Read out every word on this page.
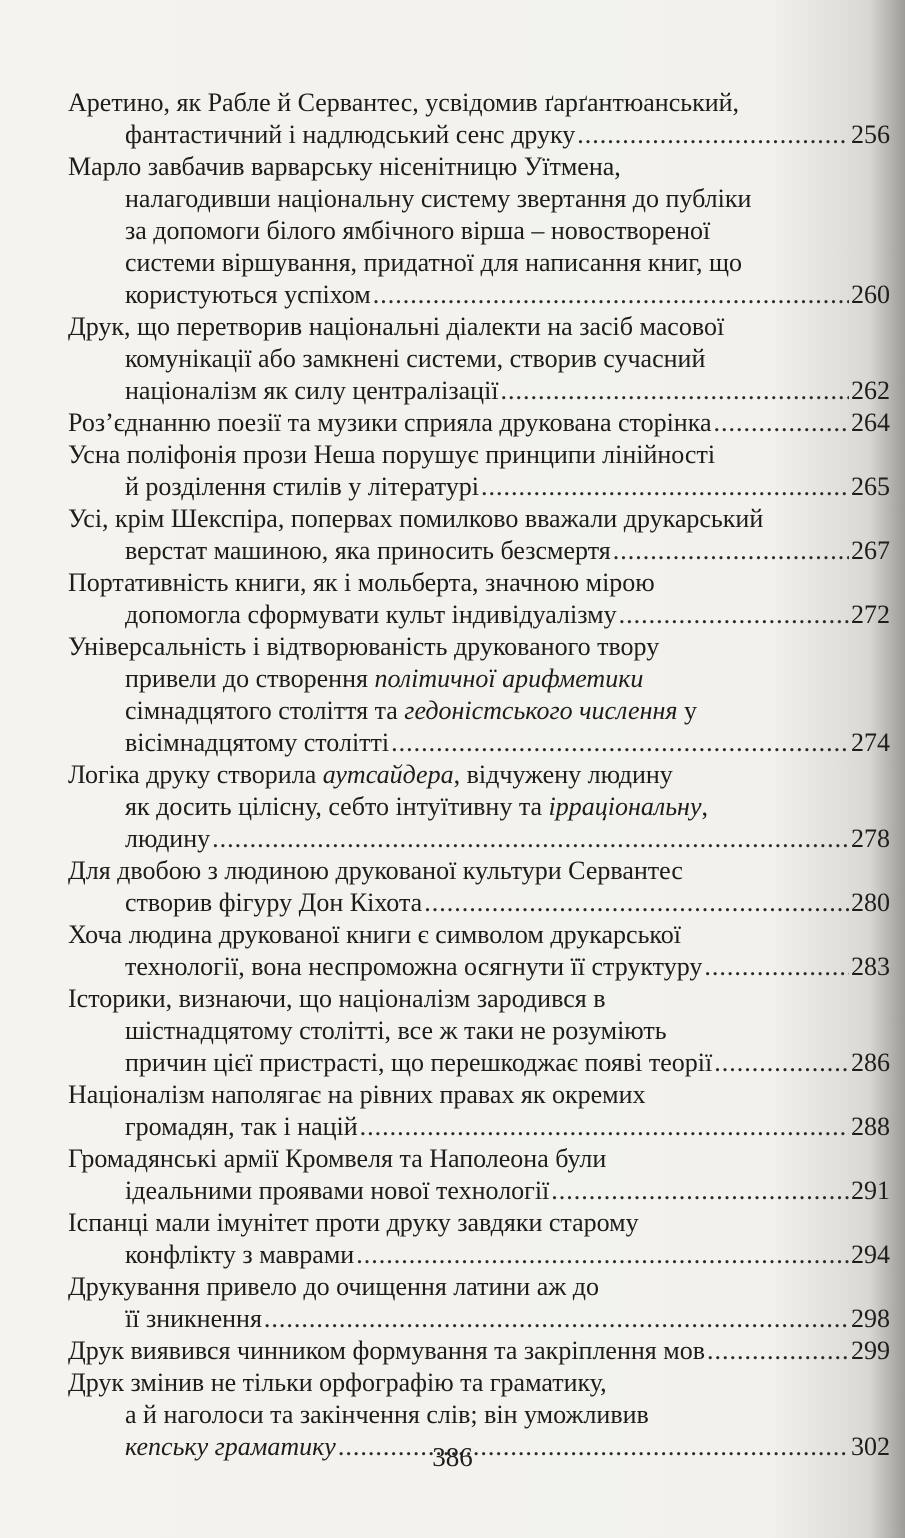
Аретино, як Рабле й Сервантес, усвідомив ґарґантюанський,
фантастичний і надлюдський сенс друку .....	256
Марло завбачив варварську нісенітницю Уїтмена,
налагодивши національну систему звертання до публіки
за допомоги білого ямбічного вірша – новоствореної
системи віршування, придатної для написання книг, що
користуються успіхом .....	260
Друк, що перетворив національні діалекти на засіб масової
комунікації або замкнені системи, створив сучасний
націоналізм як силу централізації .....	262
Роз’єднанню поезії та музики сприяла друкована сторінка .....	264
Усна поліфонія прози Неша порушує принципи лінійності
й розділення стилів у літературі .....	265
Усі, крім Шекспіра, попервах помилково вважали друкарський
верстат машиною, яка приносить безсмертя .....	267
Портативність книги, як і мольберта, значною мірою
допомогла сформувати культ індивідуалізму .....	272
Універсальність і відтворюваність друкованого твору
привели до створення політичної арифметики
сімнадцятого століття та гедоністського числення у
вісімнадцятому столітті .....	274
Логіка друку створила аутсайдера, відчужену людину
як досить цілісну, себто інтуїтивну та ірраціональну,
людину .....	278
Для двобою з людиною друкованої культури Сервантес
створив фігуру Дон Кіхота .....	280
Хоча людина друкованої книги є символом друкарської
технології, вона неспроможна осягнути її структуру .....	283
Історики, визнаючи, що націоналізм зародився в
шістнадцятому столітті, все ж таки не розуміють
причин цієї пристрасті, що перешкоджає появі теорії .....	286
Націоналізм наполягає на рівних правах як окремих
громадян, так і націй .....	288
Громадянські армії Кромвеля та Наполеона були
ідеальними проявами нової технології .....	291
Іспанці мали імунітет проти друку завдяки старому
конфлікту з маврами .....	294
Друкування привело до очищення латини аж до
її зникнення .....	298
Друк виявився чинником формування та закріплення мов .....	299
Друк змінив не тільки орфографію та граматику,
а й наголоси та закінчення слів; він уможливив
кепську граматику .....	302
386
